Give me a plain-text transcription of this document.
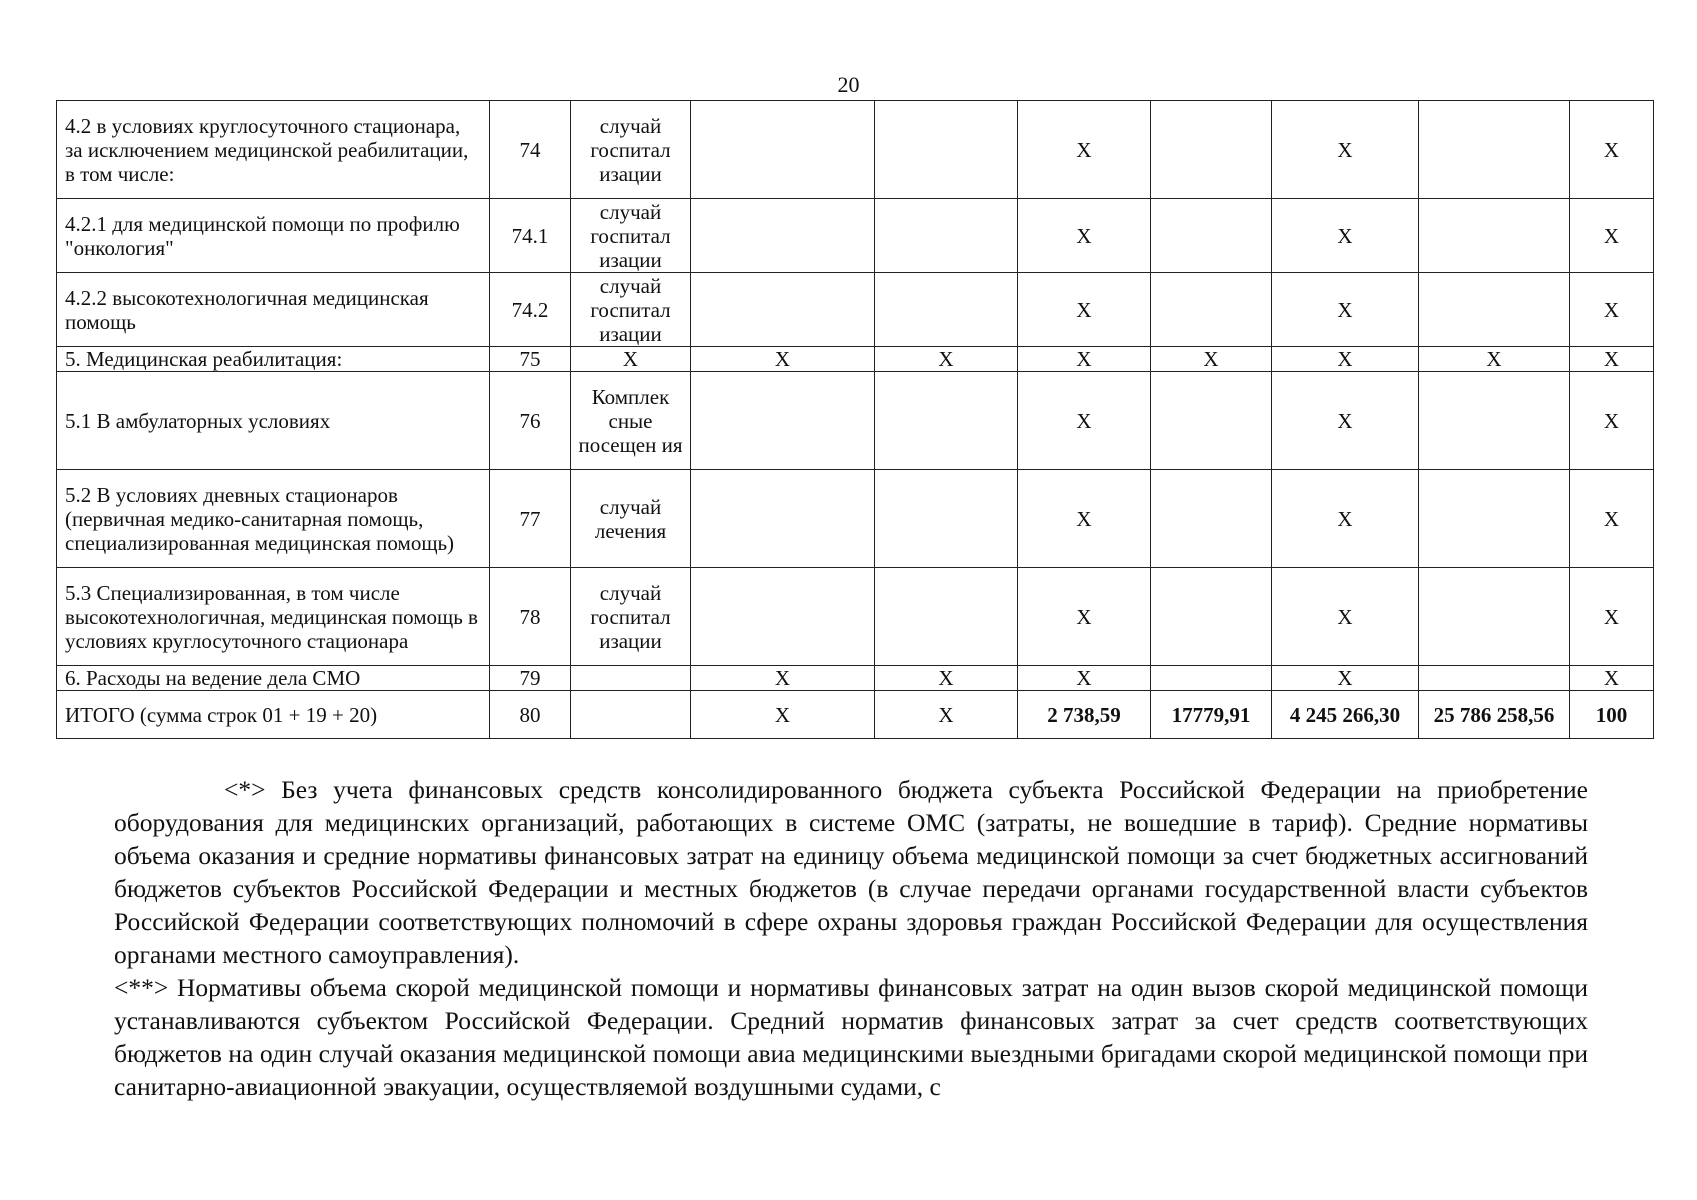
20
4.2 в условиях круглосуточного стационара, за исключением медицинской реабилитации, в том числе:	74	случай госпитал изации			X		X		X
4.2.1 для медицинской помощи по профилю "онкология"	74.1	случай госпитал изации			X		X		X
4.2.2 высокотехнологичная медицинская помощь	74.2	случай госпитал изации			X		X		X
5. Медицинская реабилитация:	75	X	X	X	X	X	X	X	X
5.1 В амбулаторных условиях	76	Комплек сные посещен ия			X		X		X
5.2 В условиях дневных стационаров (первичная медико-санитарная помощь, специализированная медицинская помощь)	77	случай лечения			X		X		X
5.3 Специализированная, в том числе высокотехнологичная, медицинская помощь в условиях круглосуточного стационара	78	случай госпитал изации			X		X		X
6. Расходы на ведение дела СМО	79		X	X	X		X		X
ИТОГО (сумма строк 01 + 19 + 20)	80		X	X	2 738,59	17779,91	4 245 266,30	25 786 258,56	100

<*> Без учета финансовых средств консолидированного бюджета субъекта Российской Федерации на приобретение оборудования для медицинских организаций, работающих в системе ОМС (затраты, не вошедшие в тариф). Средние нормативы объема оказания и средние нормативы финансовых затрат на единицу объема медицинской помощи за счет бюджетных ассигнований бюджетов субъектов Российской Федерации и местных бюджетов (в случае передачи органами государственной власти субъектов Российской Федерации соответствующих полномочий в сфере охраны здоровья граждан Российской Федерации для осуществления органами местного самоуправления).

<**> Нормативы объема скорой медицинской помощи и нормативы финансовых затрат на один вызов скорой медицинской помощи устанавливаются субъектом Российской Федерации. Средний норматив финансовых затрат за счет средств соответствующих бюджетов на один случай оказания медицинской помощи авиа медицинскими выездными бригадами скорой медицинской помощи при санитарно-авиационной эвакуации, осуществляемой воздушными судами, с
